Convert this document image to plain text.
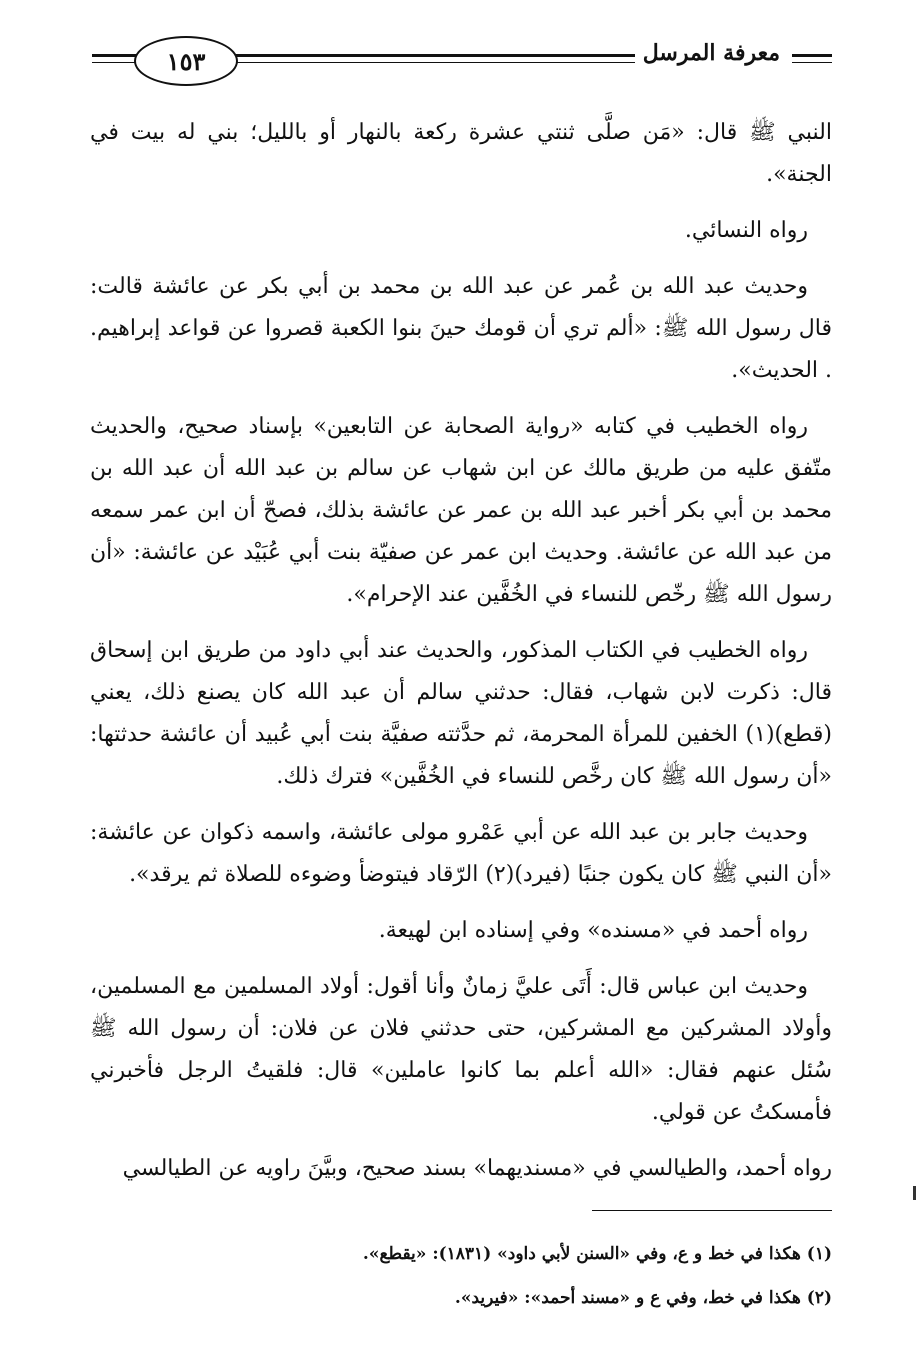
١٥٣	معرفة المرسل

النبي ﷺ قال: «مَن صلَّى ثنتي عشرة ركعة بالنهار أو بالليل؛ بني له بيت في الجنة».

رواه النسائي.

وحديث عبد الله بن عُمر عن عبد الله بن محمد بن أبي بكر عن عائشة قالت: قال رسول الله ﷺ: «ألم تري أن قومك حينَ بنوا الكعبة قصروا عن قواعد إبراهيم. . الحديث».

رواه الخطيب في كتابه «رواية الصحابة عن التابعين» بإسناد صحيح، والحديث متّفق عليه من طريق مالك عن ابن شهاب عن سالم بن عبد الله أن عبد الله بن محمد بن أبي بكر أخبر عبد الله بن عمر عن عائشة بذلك، فصحّ أن ابن عمر سمعه من عبد الله عن عائشة. وحديث ابن عمر عن صفيّة بنت أبي عُبَيْد عن عائشة: «أن رسول الله ﷺ رخّص للنساء في الخُفَّين عند الإحرام».

رواه الخطيب في الكتاب المذكور، والحديث عند أبي داود من طريق ابن إسحاق قال: ذكرت لابن شهاب، فقال: حدثني سالم أن عبد الله كان يصنع ذلك، يعني (قطع)(١) الخفين للمرأة المحرمة، ثم حدَّثته صفيَّة بنت أبي عُبيد أن عائشة حدثتها: «أن رسول الله ﷺ كان رخَّص للنساء في الخُفَّين» فترك ذلك.

وحديث جابر بن عبد الله عن أبي عَمْرو مولى عائشة، واسمه ذكوان عن عائشة: «أن النبي ﷺ كان يكون جنبًا (فيرد)(٢) الرّقاد فيتوضأ وضوءه للصلاة ثم يرقد».

رواه أحمد في «مسنده» وفي إسناده ابن لهيعة.

وحديث ابن عباس قال: أَتَى عليَّ زمانٌ وأنا أقول: أولاد المسلمين مع المسلمين، وأولاد المشركين مع المشركين، حتى حدثني فلان عن فلان: أن رسول الله ﷺ سُئل عنهم فقال: «الله أعلم بما كانوا عاملين» قال: فلقيتُ الرجل فأخبرني فأمسكتُ عن قولي.

رواه أحمد، والطيالسي في «مسنديهما» بسند صحيح، وبيَّنَ راويه عن الطيالسي

(١) هكذا في خط و ع، وفي «السنن لأبي داود» (١٨٣١): «يقطع».

(٢) هكذا في خط، وفي ع و «مسند أحمد»: «فيريد».
